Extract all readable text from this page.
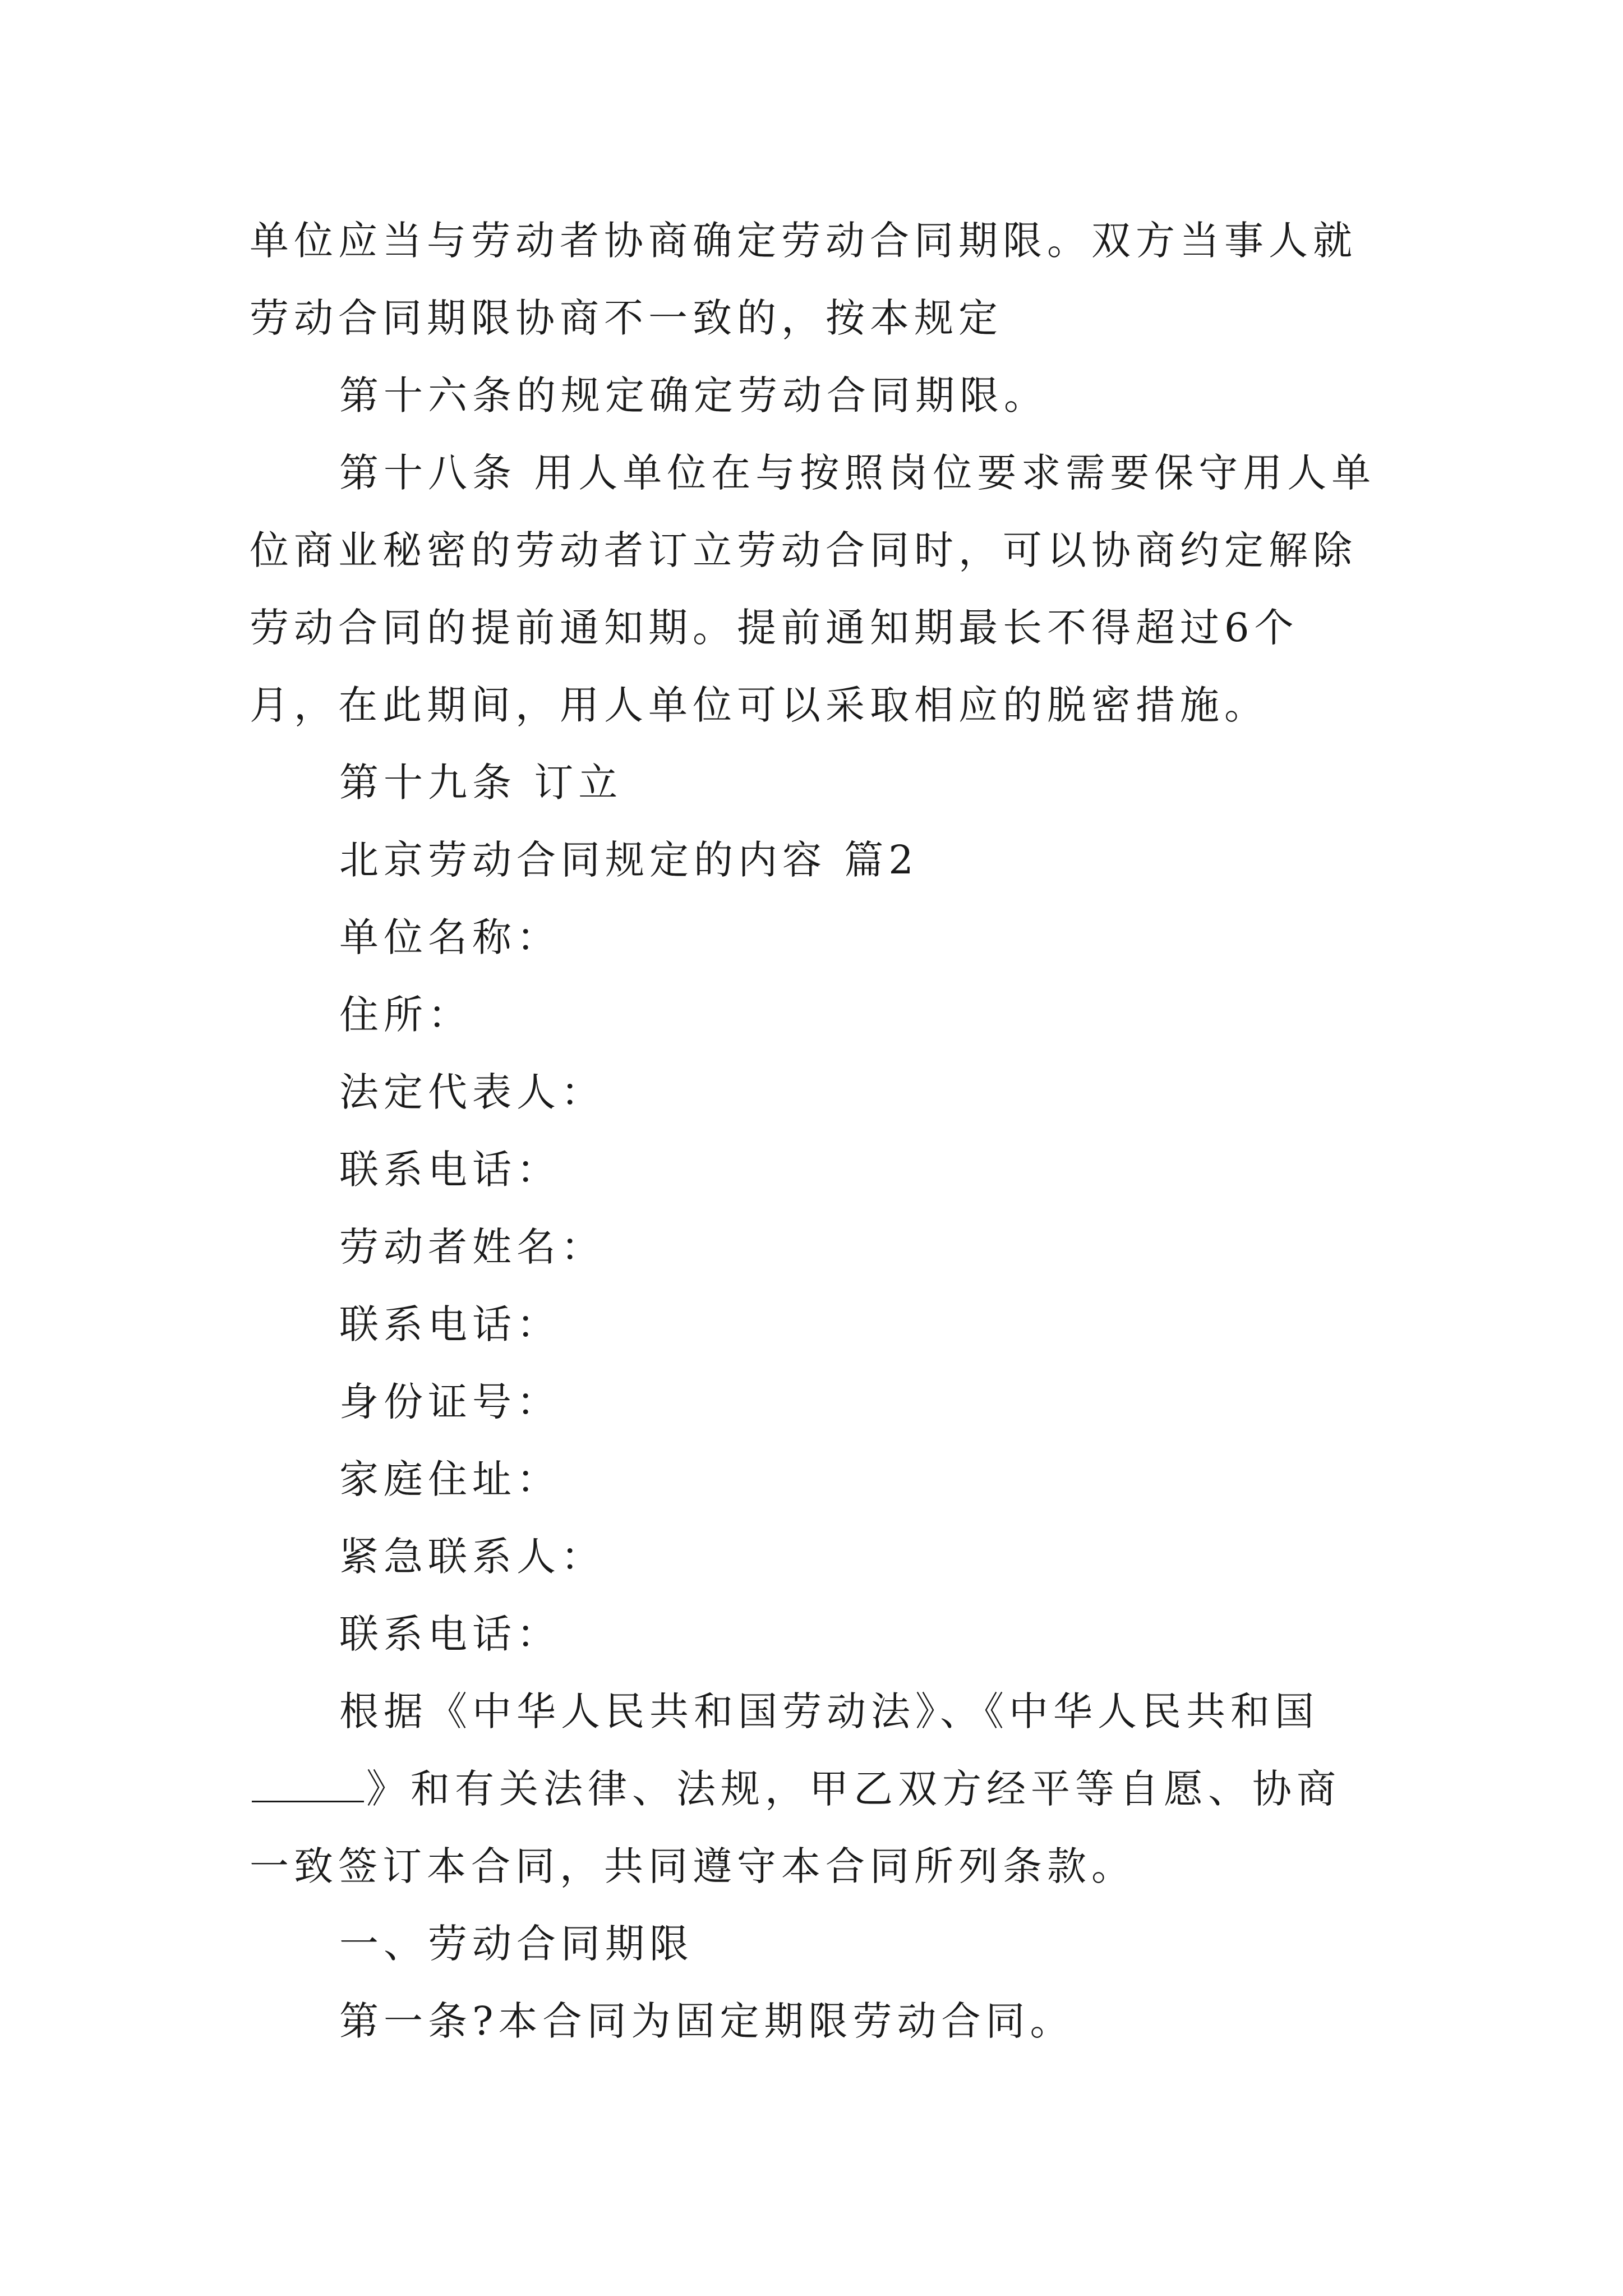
单位应当与劳动者协商确定劳动合同期限。双方当事人就劳动合同期限协商不一致的，按本规定

第十六条的规定确定劳动合同期限。

第十八条 用人单位在与按照岗位要求需要保守用人单位商业秘密的劳动者订立劳动合同时，可以协商约定解除劳动合同的提前通知期。提前通知期最长不得超过6个月，在此期间，用人单位可以采取相应的脱密措施。

第十九条 订立

北京劳动合同规定的内容 篇2

单位名称：

住所：

法定代表人：

联系电话：

劳动者姓名：

联系电话：

身份证号：

家庭住址：

紧急联系人：

联系电话：

根据《中华人民共和国劳动法》、《中华人民共和国》和有关法律、法规，甲乙双方经平等自愿、协商一致签订本合同，共同遵守本合同所列条款。

一、劳动合同期限

第一条?本合同为固定期限劳动合同。
